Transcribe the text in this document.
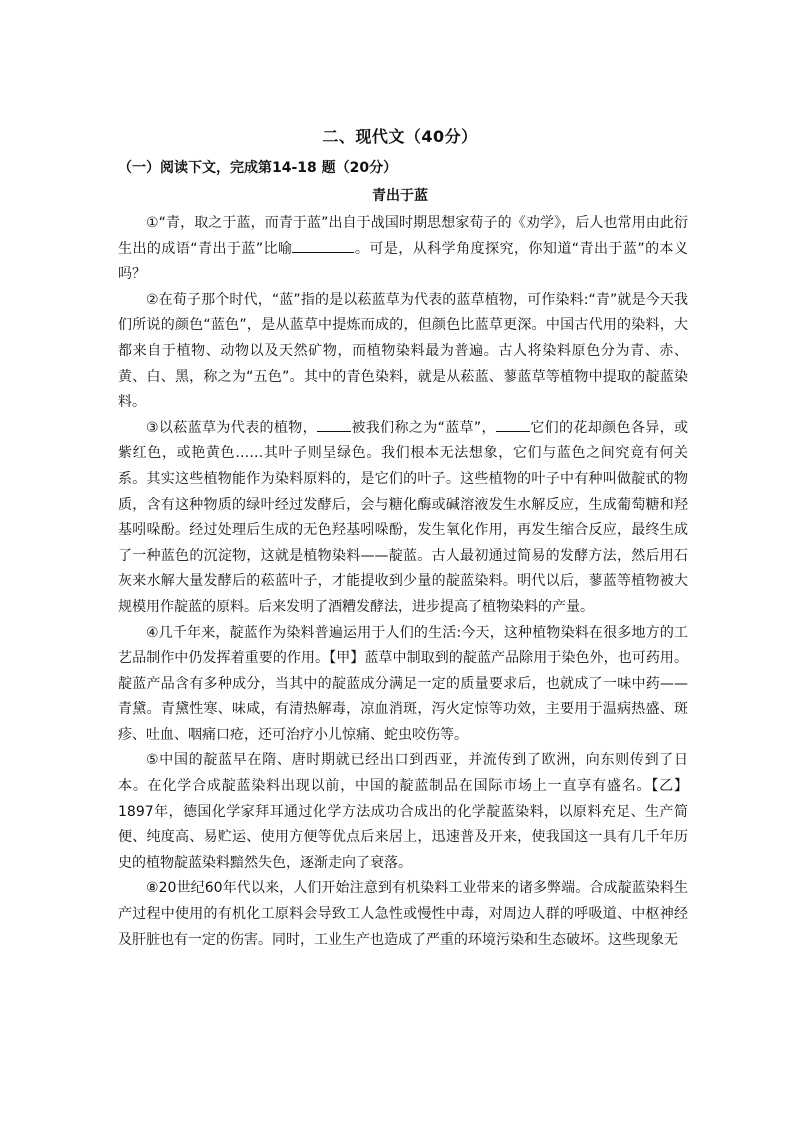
二、现代文（40分）
（一）阅读下文，完成第14-18 题（20分）
青出于蓝

①“青，取之于蓝，而青于蓝”出自于战国时期思想家荀子的《劝学》，后人也常用由此衍生出的成语“青出于蓝”比喻	。可是，从科学角度探究，你知道“青出于蓝”的本义吗？

②在荀子那个时代，“蓝”指的是以菘蓝草为代表的蓝草植物，可作染料:“青”就是今天我们所说的颜色“蓝色”，是从蓝草中提炼而成的，但颜色比蓝草更深。中国古代用的染料，大都来自于植物、动物以及天然矿物，而植物染料最为普遍。古人将染料原色分为青、赤、黄、白、黑，称之为“五色”。其中的青色染料，就是从菘蓝、蓼蓝草等植物中提取的靛蓝染料。

③以菘蓝草为代表的植物， 被我们称之为“蓝草”， 它们的花却颜色各异，或紫红色，或艳黄色……其叶子则呈绿色。我们根本无法想象，它们与蓝色之间究竟有何关系。其实这些植物能作为染料原料的，是它们的叶子。这些植物的叶子中有种叫做靛甙的物质，含有这种物质的绿叶经过发酵后，会与糖化酶或碱溶液发生水解反应，生成葡萄糖和羟基吲哚酚。经过处理后生成的无色羟基吲哚酚，发生氧化作用，再发生缩合反应，最终生成了一种蓝色的沉淀物，这就是植物染料——靛蓝。古人最初通过简易的发酵方法，然后用石灰来水解大量发酵后的菘蓝叶子，才能提收到少量的靛蓝染料。明代以后，蓼蓝等植物被大规模用作靛蓝的原料。后来发明了酒糟发酵法，进步提高了植物染料的产量。

④几千年来，靛蓝作为染料普遍运用于人们的生活:今天，这种植物染料在很多地方的工艺品制作中仍发挥着重要的作用。【甲】蓝草中制取到的靛蓝产品除用于染色外，也可药用。靛蓝产品含有多种成分，当其中的靛蓝成分满足一定的质量要求后，也就成了一味中药——青黛。青黛性寒、味咸，有清热解毒，凉血消斑，泻火定惊等功效，主要用于温病热盛、斑疹、吐血、咽痛口疮，还可治疗小儿惊痛、蛇虫咬伤等。

⑤中国的靛蓝早在隋、唐时期就已经出口到西亚，并流传到了欧洲，向东则传到了日本。在化学合成靛蓝染料出现以前，中国的靛蓝制品在国际市场上一直享有盛名。【乙】1897年，德国化学家拜耳通过化学方法成功合成出的化学靛蓝染料，以原料充足、生产简便、纯度高、易贮运、使用方便等优点后来居上，迅速普及开来，使我国这一具有几千年历史的植物靛蓝染料黯然失色，逐渐走向了衰落。

⑧20世纪60年代以来，人们开始注意到有机染料工业带来的诸多弊端。合成靛蓝染料生产过程中使用的有机化工原料会导致工人急性或慢性中毒，对周边人群的呼吸道、中枢神经及肝脏也有一定的伤害。同时，工业生产也造成了严重的环境污染和生态破坏。这些现象无
